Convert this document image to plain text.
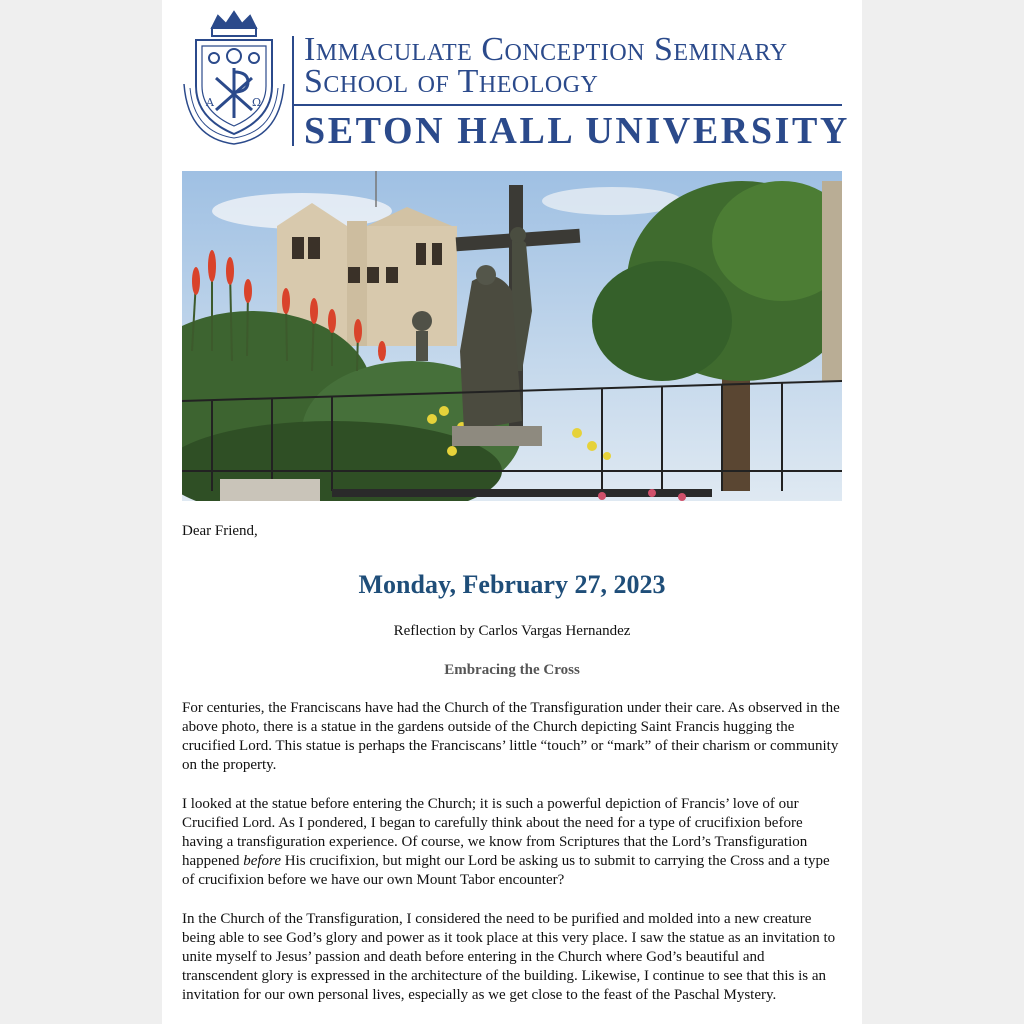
A	Ω
Immaculate Conception Seminary
School of Theology
SETON HALL UNIVERSITY
Dear Friend,
Monday, February 27, 2023
Reflection by Carlos Vargas Hernandez
Embracing the Cross

For centuries, the Franciscans have had the Church of the Transfiguration under their care. As observed in the above photo, there is a statue in the gardens outside of the Church depicting Saint Francis hugging the crucified Lord. This statue is perhaps the Franciscans’ little “touch” or “mark” of their charism or community on the property.

I looked at the statue before entering the Church; it is such a powerful depiction of Francis’ love of our Crucified Lord. As I pondered, I began to carefully think about the need for a type of crucifixion before having a transfiguration experience. Of course, we know from Scriptures that the Lord’s Transfiguration happened before His crucifixion, but might our Lord be asking us to submit to carrying the Cross and a type of crucifixion before we have our own Mount Tabor encounter?

In the Church of the Transfiguration, I considered the need to be purified and molded into a new creature being able to see God’s glory and power as it took place at this very place. I saw the statue as an invitation to unite myself to Jesus’ passion and death before entering in the Church where God’s beautiful and transcendent glory is expressed in the architecture of the building. Likewise, I continue to see that this is an invitation for our own personal lives, especially as we get close to the feast of the Paschal Mystery.
